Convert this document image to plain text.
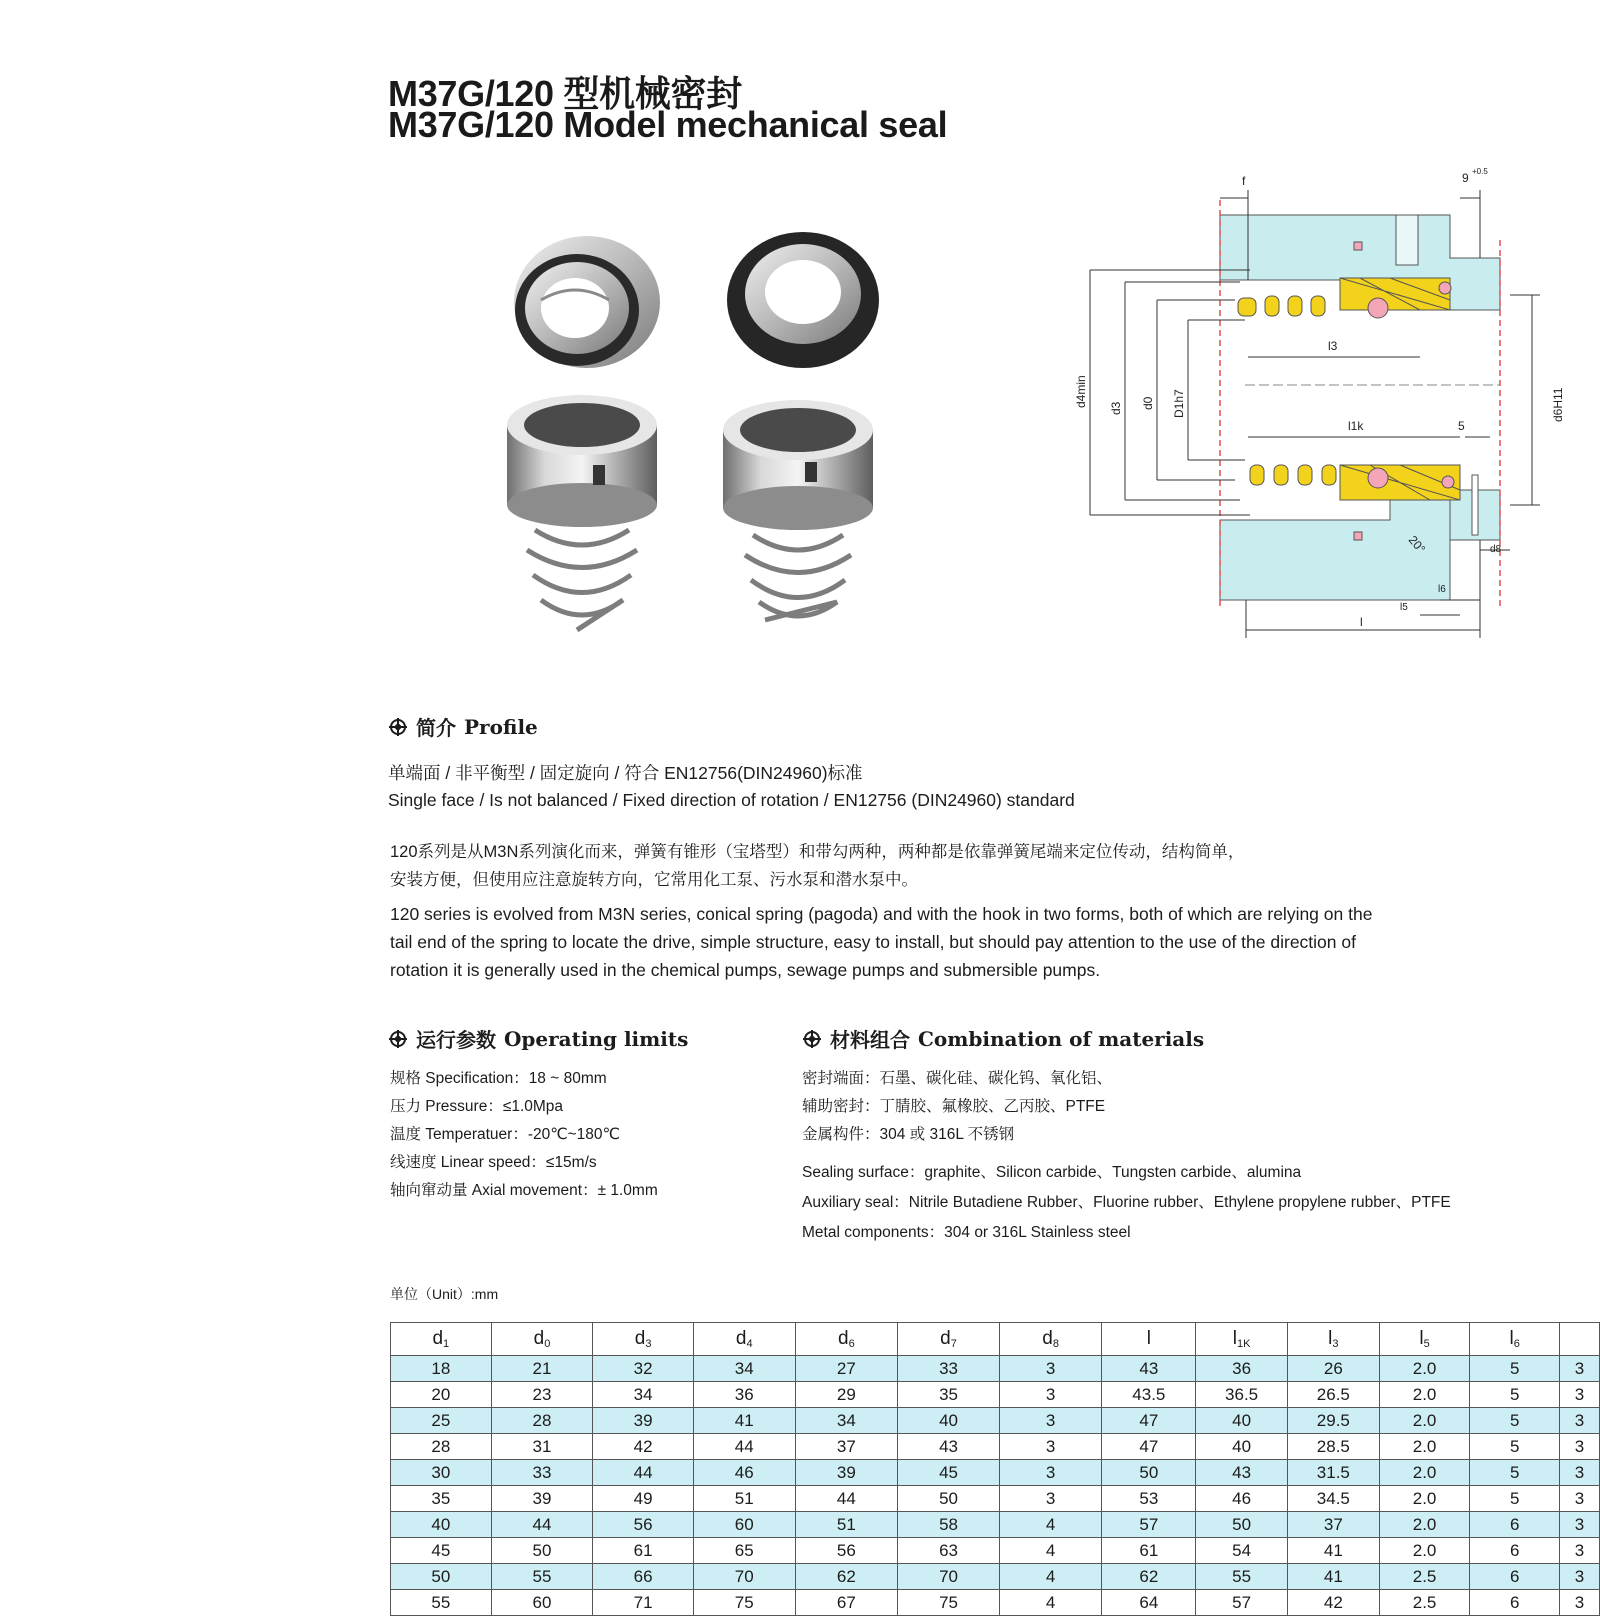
M37G/120 型机械密封
M37G/120 Model mechanical seal
f	9 +0.5
l3
l1k	5
20°	d8
l6
l5
l
d4min
d3 d0 D1h7	d6H11
简介 Profile
单端面 / 非平衡型 / 固定旋向 / 符合 EN12756(DIN24960)标准
Single face / Is not balanced / Fixed direction of rotation / EN12756 (DIN24960) standard
120系列是从M3N系列演化而来，弹簧有锥形（宝塔型）和带勾两种，两种都是依靠弹簧尾端来定位传动，结构简单，
安装方便，但使用应注意旋转方向，它常用化工泵、污水泵和潜水泵中。
120 series is evolved from M3N series, conical spring (pagoda) and with the hook in two forms, both of which are relying on the
tail end of the spring to locate the drive, simple structure, easy to install, but should pay attention to the use of the direction of
rotation it is generally used in the chemical pumps, sewage pumps and submersible pumps.
运行参数 Operating limits
规格 Specification：18 ~ 80mm
压力 Pressure：≤1.0Mpa
温度 Temperatuer：-20℃~180℃
线速度 Linear speed：≤15m/s
轴向窜动量 Axial movement：± 1.0mm
材料组合 Combination of materials
密封端面：石墨、碳化硅、碳化钨、氧化铝、
辅助密封：丁腈胶、氟橡胶、乙丙胶、PTFE
金属构件：304 或 316L 不锈钢
Sealing surface：graphite、Silicon carbide、Tungsten carbide、alumina
Auxiliary seal：Nitrile Butadiene Rubber、Fluorine rubber、Ethylene propylene rubber、PTFE
Metal components：304 or 316L Stainless steel
单位（Unit）:mm
$d_1$	$d_0$	$d_3$	$d_4$	$d_6$	$d_7$	$d_8$	l	$l_{1K}$	$l_3$	$l_5$	$l_6$	
18	21	32	34	27	33	3	43	36	26	2.0	5	3
20	23	34	36	29	35	3	43.5	36.5	26.5	2.0	5	3
25	28	39	41	34	40	3	47	40	29.5	2.0	5	3
28	31	42	44	37	43	3	47	40	28.5	2.0	5	3
30	33	44	46	39	45	3	50	43	31.5	2.0	5	3
35	39	49	51	44	50	3	53	46	34.5	2.0	5	3
40	44	56	60	51	58	4	57	50	37	2.0	6	3
45	50	61	65	56	63	4	61	54	41	2.0	6	3
50	55	66	70	62	70	4	62	55	41	2.5	6	3
55	60	71	75	67	75	4	64	57	42	2.5	6	3
